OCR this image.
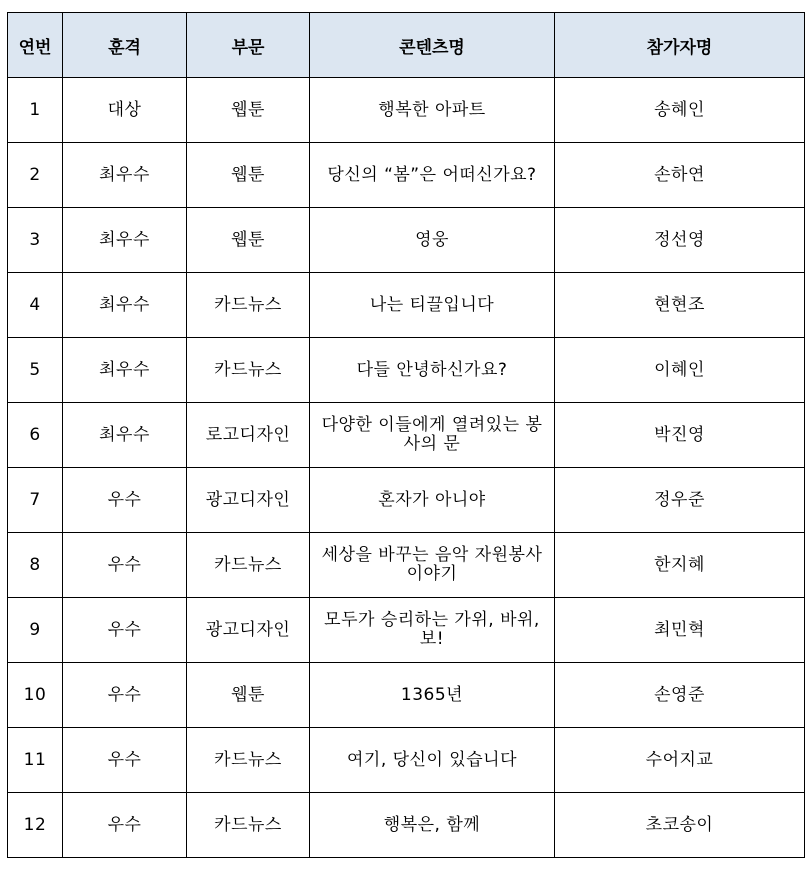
연번	훈격	부문	콘텐츠명	참가자명
1	대상	웹툰	행복한 아파트	송혜인
2	최우수	웹툰	당신의 “봄”은 어떠신가요?	손하연
3	최우수	웹툰	영웅	정선영
4	최우수	카드뉴스	나는 티끌입니다	현현조
5	최우수	카드뉴스	다들 안녕하신가요?	이혜인
6	최우수	로고디자인	다양한 이들에게 열려있는 봉사의 문	박진영
7	우수	광고디자인	혼자가 아니야	정우준
8	우수	카드뉴스	세상을 바꾸는 음악 자원봉사 이야기	한지혜
9	우수	광고디자인	모두가 승리하는 가위, 바위, 보!	최민혁
10	우수	웹툰	1365년	손영준
11	우수	카드뉴스	여기, 당신이 있습니다	수어지교
12	우수	카드뉴스	행복은, 함께	초코송이
